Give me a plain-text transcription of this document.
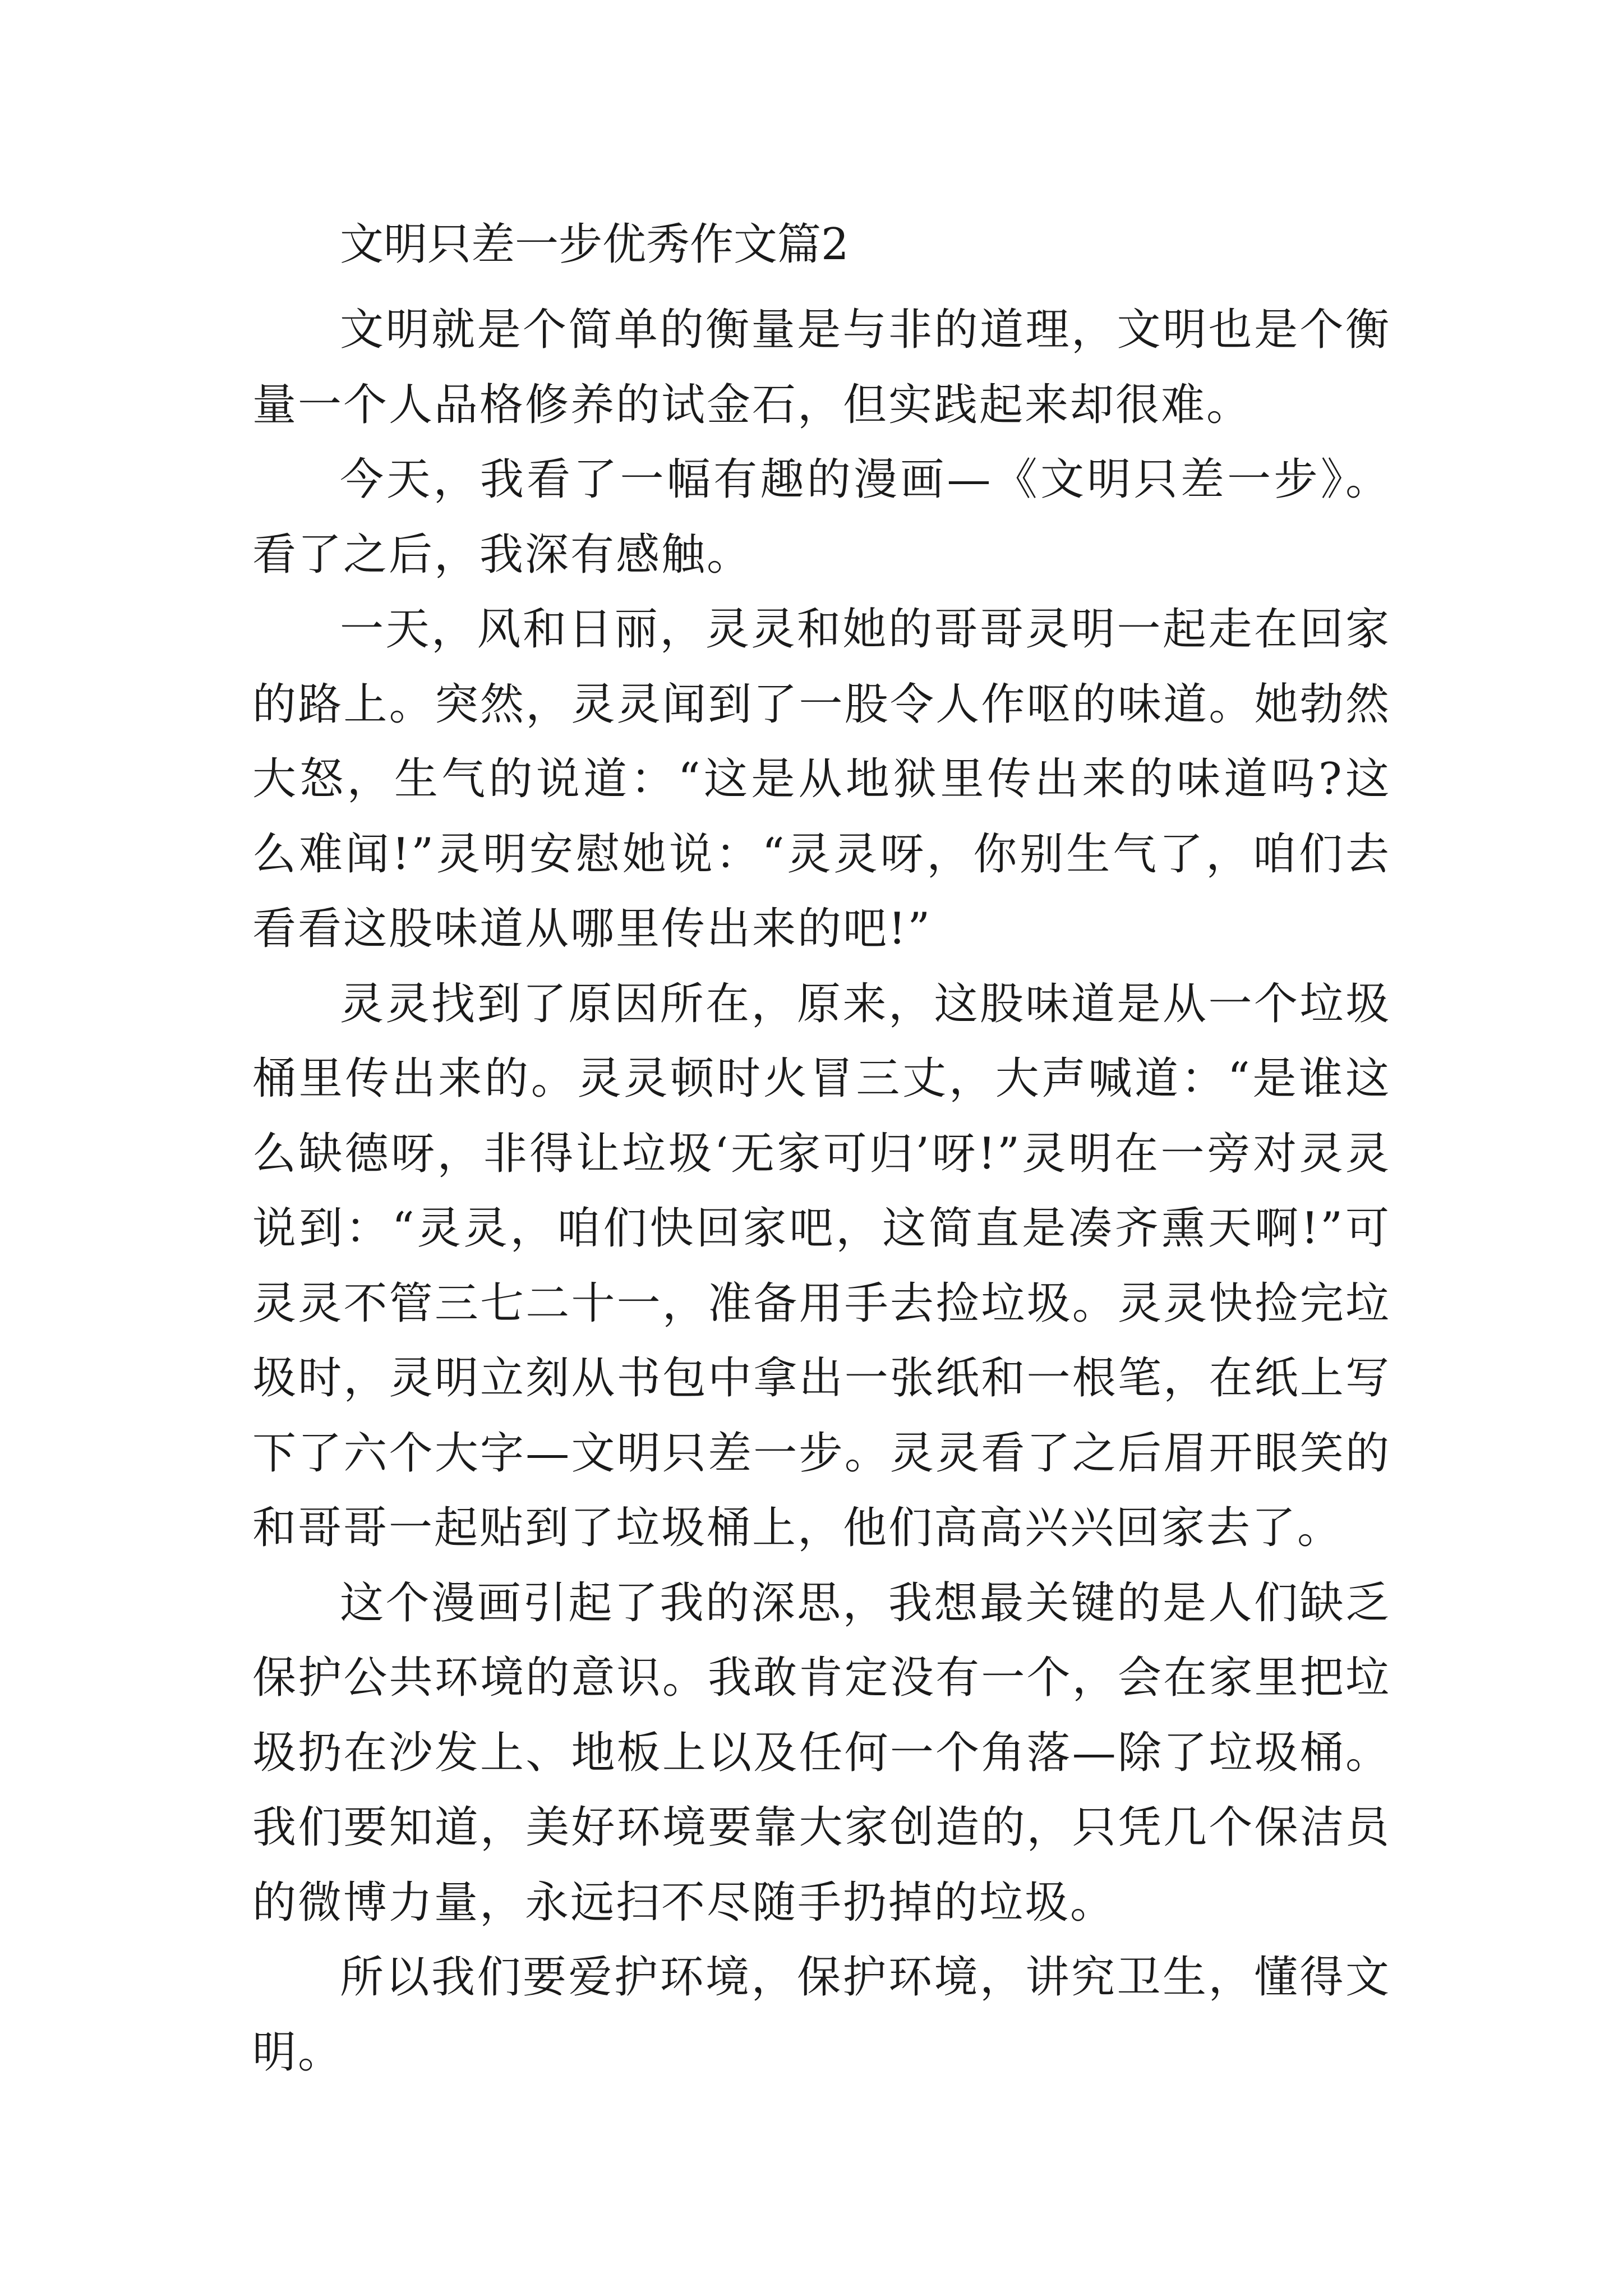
文明只差一步优秀作文篇2

文明就是个简单的衡量是与非的道理，文明也是个衡量一个人品格修养的试金石，但实践起来却很难。

今天，我看了一幅有趣的漫画—《文明只差一步》。看了之后，我深有感触。

一天，风和日丽，灵灵和她的哥哥灵明一起走在回家的路上。突然，灵灵闻到了一股令人作呕的味道。她勃然大怒，生气的说道：“这是从地狱里传出来的味道吗?这么难闻!”灵明安慰她说：“灵灵呀，你别生气了，咱们去看看这股味道从哪里传出来的吧!”

灵灵找到了原因所在，原来，这股味道是从一个垃圾桶里传出来的。灵灵顿时火冒三丈，大声喊道：“是谁这么缺德呀，非得让垃圾‘无家可归’呀!”灵明在一旁对灵灵说到：“灵灵，咱们快回家吧，这简直是凑齐熏天啊!”可灵灵不管三七二十一，准备用手去捡垃圾。灵灵快捡完垃圾时，灵明立刻从书包中拿出一张纸和一根笔，在纸上写下了六个大字—文明只差一步。灵灵看了之后眉开眼笑的和哥哥一起贴到了垃圾桶上，他们高高兴兴回家去了。

这个漫画引起了我的深思，我想最关键的是人们缺乏保护公共环境的意识。我敢肯定没有一个，会在家里把垃圾扔在沙发上、地板上以及任何一个角落—除了垃圾桶。我们要知道，美好环境要靠大家创造的，只凭几个保洁员的微博力量，永远扫不尽随手扔掉的垃圾。

所以我们要爱护环境，保护环境，讲究卫生，懂得文明。
